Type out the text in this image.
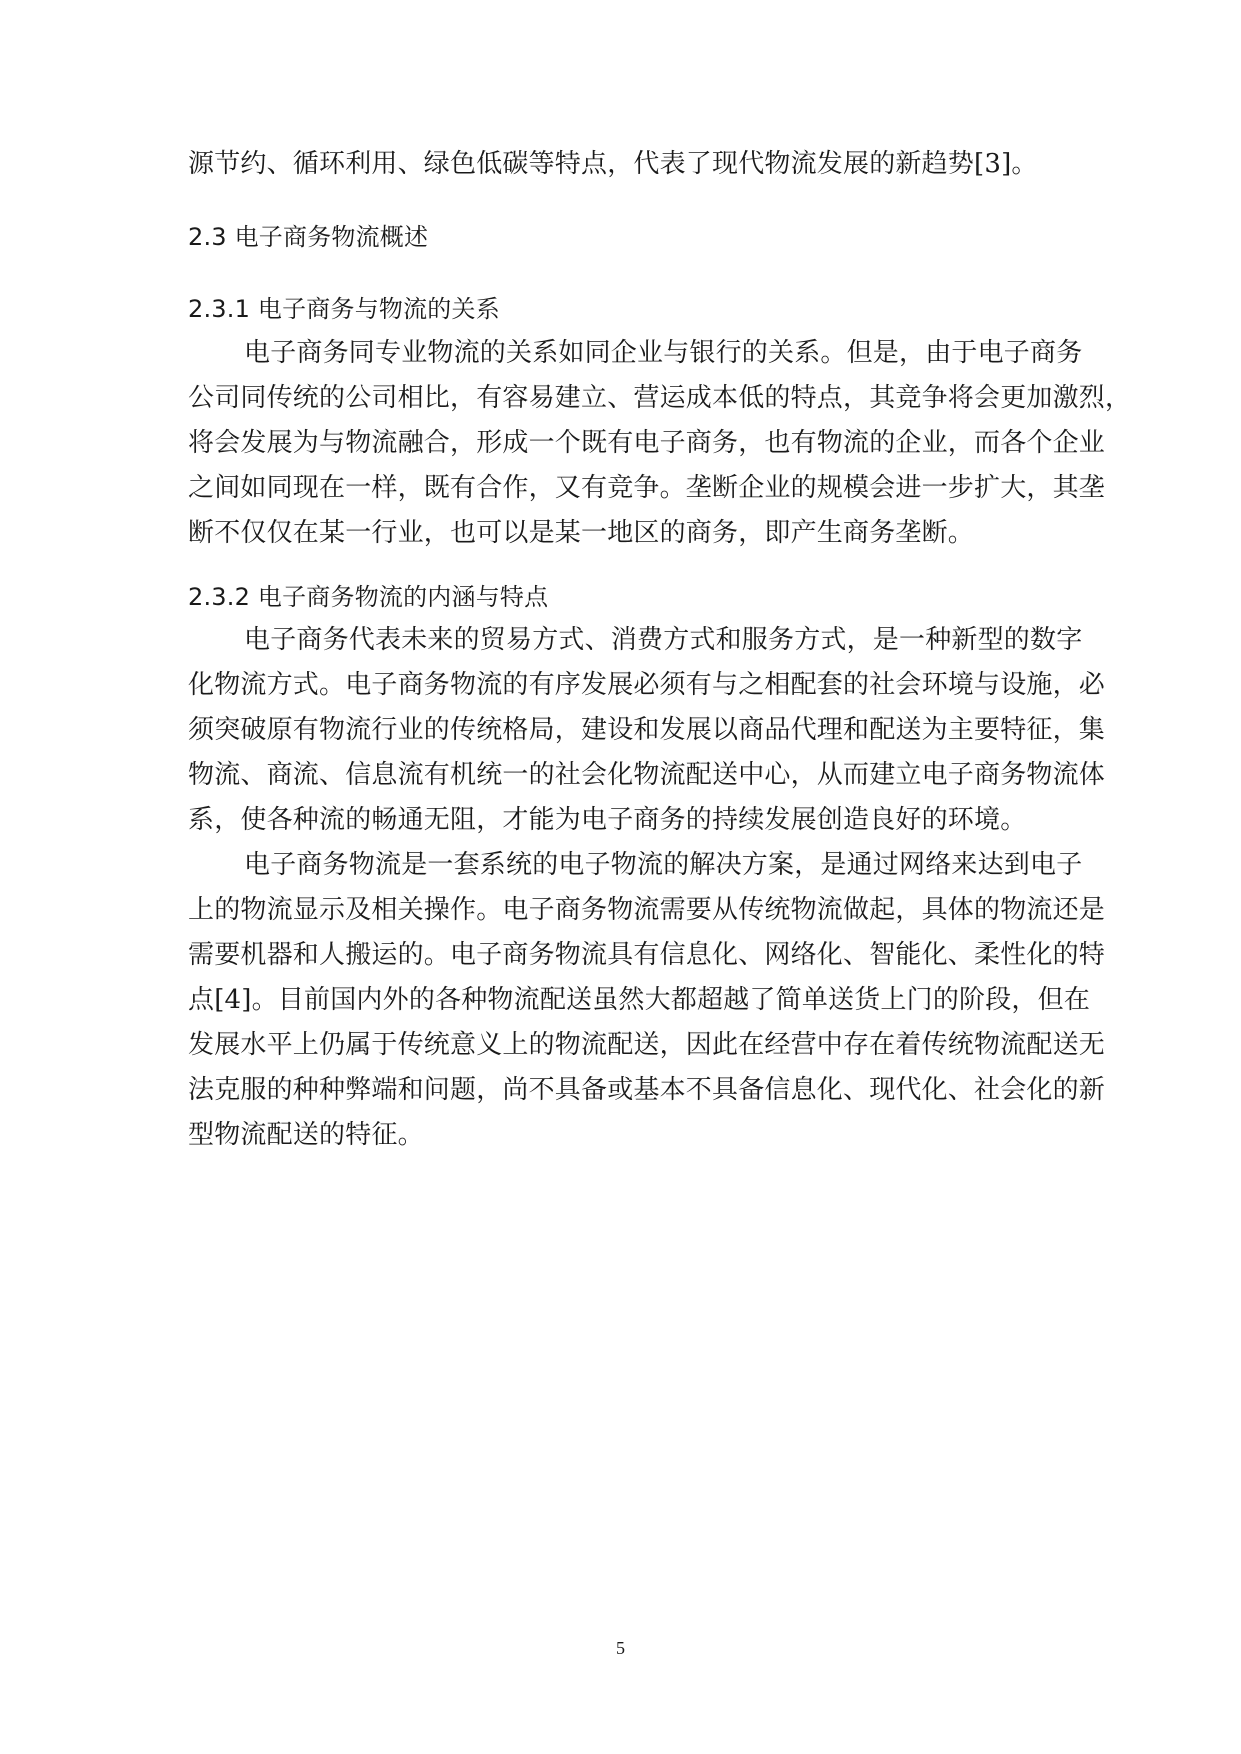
源节约、循环利用、绿色低碳等特点，代表了现代物流发展的新趋势[3]。
2.3 电子商务物流概述
2.3.1 电子商务与物流的关系
电子商务同专业物流的关系如同企业与银行的关系。但是，由于电子商务
公司同传统的公司相比，有容易建立、营运成本低的特点，其竞争将会更加激烈，
将会发展为与物流融合，形成一个既有电子商务，也有物流的企业，而各个企业
之间如同现在一样，既有合作，又有竞争。垄断企业的规模会进一步扩大，其垄
断不仅仅在某一行业，也可以是某一地区的商务，即产生商务垄断。
2.3.2 电子商务物流的内涵与特点
电子商务代表未来的贸易方式、消费方式和服务方式，是一种新型的数字
化物流方式。电子商务物流的有序发展必须有与之相配套的社会环境与设施，必
须突破原有物流行业的传统格局，建设和发展以商品代理和配送为主要特征，集
物流、商流、信息流有机统一的社会化物流配送中心，从而建立电子商务物流体
系，使各种流的畅通无阻，才能为电子商务的持续发展创造良好的环境。
电子商务物流是一套系统的电子物流的解决方案，是通过网络来达到电子
上的物流显示及相关操作。电子商务物流需要从传统物流做起，具体的物流还是
需要机器和人搬运的。电子商务物流具有信息化、网络化、智能化、柔性化的特
点[4]。目前国内外的各种物流配送虽然大都超越了简单送货上门的阶段，但在
发展水平上仍属于传统意义上的物流配送，因此在经营中存在着传统物流配送无
法克服的种种弊端和问题，尚不具备或基本不具备信息化、现代化、社会化的新
型物流配送的特征。
5
